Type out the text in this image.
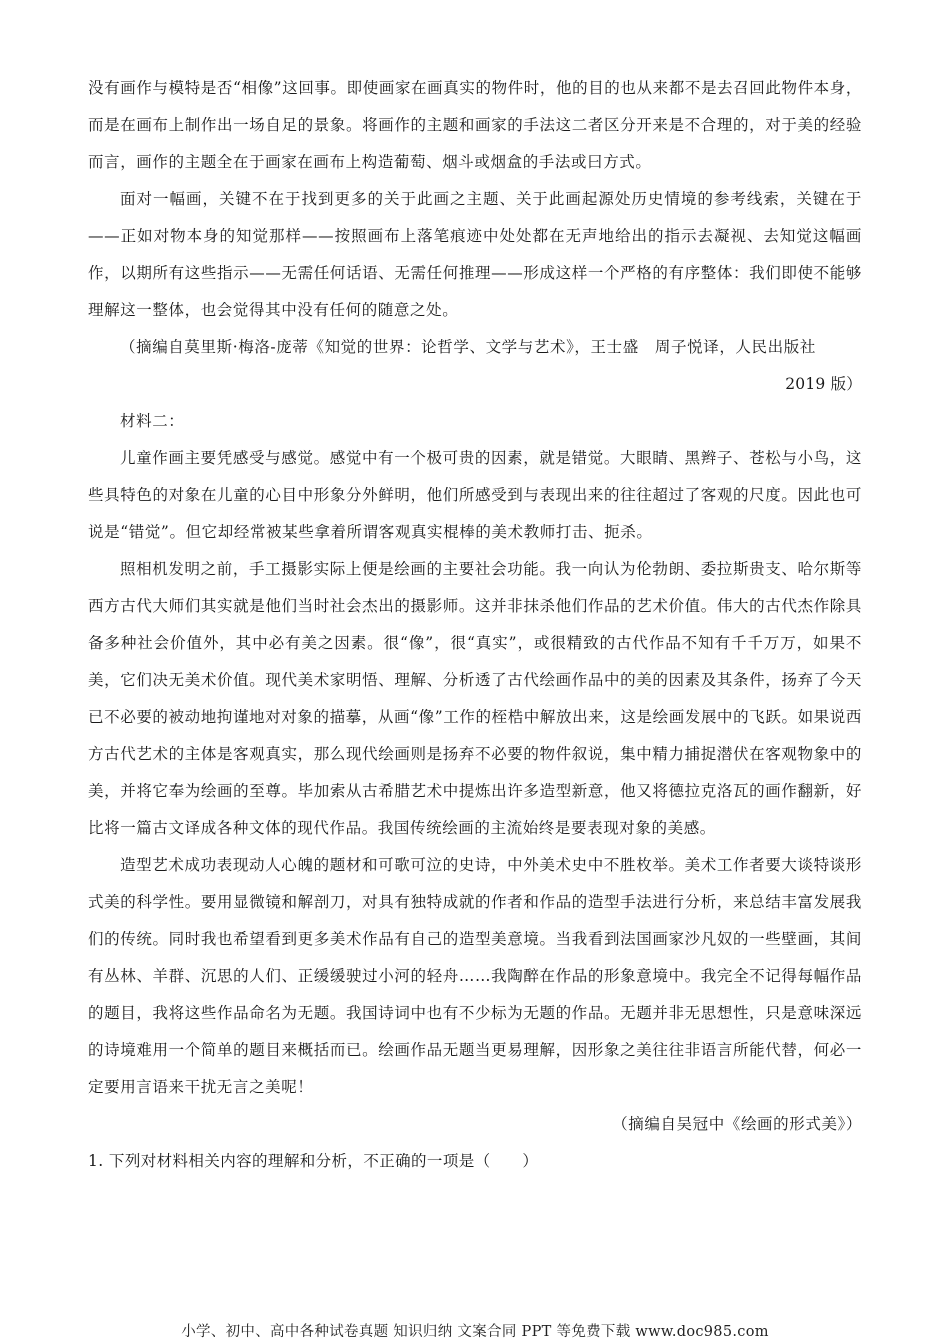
没有画作与模特是否“相像”这回事。即使画家在画真实的物件时，他的目的也从来都不是去召回此物件本身，而是在画布上制作出一场自足的景象。将画作的主题和画家的手法这二者区分开来是不合理的，对于美的经验而言，画作的主题全在于画家在画布上构造葡萄、烟斗或烟盒的手法或曰方式。

面对一幅画，关键不在于找到更多的关于此画之主题、关于此画起源处历史情境的参考线索，关键在于——正如对物本身的知觉那样——按照画布上落笔痕迹中处处都在无声地给出的指示去凝视、去知觉这幅画作，以期所有这些指示——无需任何话语、无需任何推理——形成这样一个严格的有序整体：我们即使不能够理解这一整体，也会觉得其中没有任何的随意之处。

（摘编自莫里斯·梅洛-庞蒂《知觉的世界：论哲学、文学与艺术》，王士盛　周子悦译，人民出版社

2019 版）

材料二：

儿童作画主要凭感受与感觉。感觉中有一个极可贵的因素，就是错觉。大眼睛、黑辫子、苍松与小鸟，这些具特色的对象在儿童的心目中形象分外鲜明，他们所感受到与表现出来的往往超过了客观的尺度。因此也可说是“错觉”。但它却经常被某些拿着所谓客观真实棍棒的美术教师打击、扼杀。

照相机发明之前，手工摄影实际上便是绘画的主要社会功能。我一向认为伦勃朗、委拉斯贵支、哈尔斯等西方古代大师们其实就是他们当时社会杰出的摄影师。这并非抹杀他们作品的艺术价值。伟大的古代杰作除具备多种社会价值外，其中必有美之因素。很“像”，很“真实”，或很精致的古代作品不知有千千万万，如果不美，它们决无美术价值。现代美术家明悟、理解、分析透了古代绘画作品中的美的因素及其条件，扬弃了今天已不必要的被动地拘谨地对对象的描摹，从画“像”工作的桎梏中解放出来，这是绘画发展中的飞跃。如果说西方古代艺术的主体是客观真实，那么现代绘画则是扬弃不必要的物件叙说，集中精力捕捉潜伏在客观物象中的美，并将它奉为绘画的至尊。毕加索从古希腊艺术中提炼出许多造型新意，他又将德拉克洛瓦的画作翻新，好比将一篇古文译成各种文体的现代作品。我国传统绘画的主流始终是要表现对象的美感。

造型艺术成功表现动人心魄的题材和可歌可泣的史诗，中外美术史中不胜枚举。美术工作者要大谈特谈形式美的科学性。要用显微镜和解剖刀，对具有独特成就的作者和作品的造型手法进行分析，来总结丰富发展我们的传统。同时我也希望看到更多美术作品有自己的造型美意境。当我看到法国画家沙凡奴的一些壁画，其间有丛林、羊群、沉思的人们、正缓缓驶过小河的轻舟……我陶醉在作品的形象意境中。我完全不记得每幅作品的题目，我将这些作品命名为无题。我国诗词中也有不少标为无题的作品。无题并非无思想性，只是意味深远的诗境难用一个简单的题目来概括而已。绘画作品无题当更易理解，因形象之美往往非语言所能代替，何必一定要用言语来干扰无言之美呢！

（摘编自吴冠中《绘画的形式美》）

1. 下列对材料相关内容的理解和分析，不正确的一项是（　　）

小学、初中、高中各种试卷真题 知识归纳 文案合同 PPT 等免费下载 www.doc985.com
